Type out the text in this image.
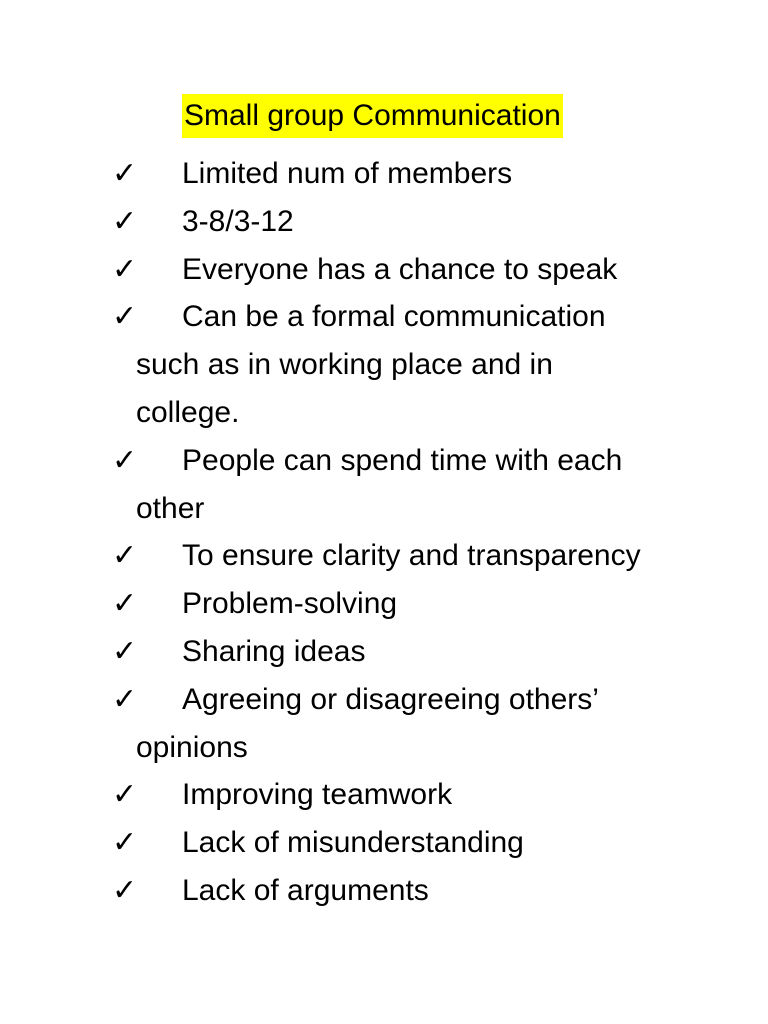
Small group Communication
✓	Limited num of members
✓	3-8/3-12
✓	Everyone has a chance to speak
✓	Can be a formal communication
such as in working place and in
college.
✓	People can spend time with each
other
✓	To ensure clarity and transparency
✓	Problem-solving
✓	Sharing ideas
✓	Agreeing or disagreeing others’
opinions
✓	Improving teamwork
✓	Lack of misunderstanding
✓	Lack of arguments
